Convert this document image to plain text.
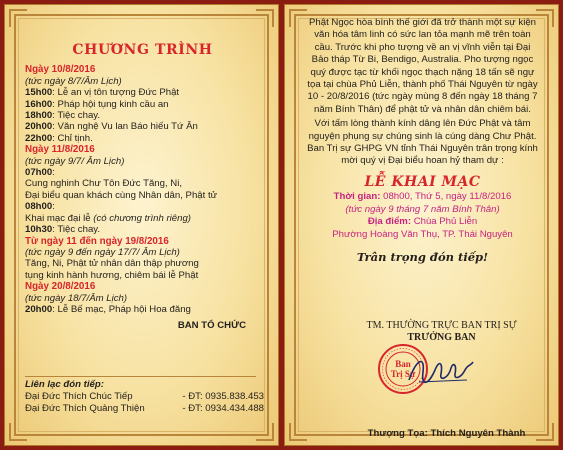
CHƯƠNG TRÌNH
Ngày 10/8/2016
(tức ngày 8/7/Âm Lịch)
15h00: Lễ an vị tôn tượng Đức Phật
16h00: Pháp hội tụng kinh cầu an
18h00: Tiệc chay.
20h00: Văn nghệ Vu lan Báo hiếu Tứ Ân
22h00: Chỉ tịnh.
Ngày 11/8/2016
(tức ngày 9/7/ Âm Lịch)
07h00:
Cung nghinh Chư Tôn Đức Tăng, Ni,
Đại biểu quan khách cùng Nhân dân, Phật tử
08h00:
Khai mạc đại lễ (có chương trình riêng)
10h30: Tiệc chay.
Từ ngày 11 đến ngày 19/8/2016
(tức ngày 9 đến ngày 17/7/ Âm Lịch)
Tăng, Ni, Phật tử nhân dân thập phương
tụng kinh hành hương, chiêm bái lễ Phật
Ngày 20/8/2016
(tức ngày 18/7/Âm Lịch)
20h00: Lễ Bế mạc, Pháp hội Hoa đăng
BAN TỔ CHỨC
Liên lạc đón tiếp:
Đại Đức Thích Chúc Tiếp	- ĐT: 0935.838.453
Đại Đức Thích Quảng Thiện	- ĐT: 0934.434.488

Phật Ngọc hòa bình thế giới đã trở thành một sự kiện văn hóa tâm linh có sức lan tỏa mạnh mẽ trên toàn cầu. Trước khi pho tượng về an vị vĩnh viễn tại Đại Bảo tháp Từ Bi, Bendigo, Australia. Pho tượng ngọc quý được tạc từ khối ngọc thạch nặng 18 tấn sẽ ngự tọa tại chùa Phủ Liễn, thành phố Thái Nguyên từ ngày 10 - 20/8/2016 (tức ngày mùng 8 đến ngày 18 tháng 7 năm Bính Thân) để phật tử và nhân dân chiêm bái.

Với tấm lòng thành kính dâng lên Đức Phật và tâm nguyện phụng sự chúng sinh là cúng dàng Chư Phật. Ban Trị sự GHPG VN tỉnh Thái Nguyên trân trọng kính mời quý vị Đại biểu hoan hỷ tham dự :

LỄ KHAI MẠC
Thời gian: 08h00, Thứ 5, ngày 11/8/2016
(tức ngày 9 tháng 7 năm Bính Thân)
Địa điểm: Chùa Phủ Liễn
Phường Hoàng Văn Thụ, TP. Thái Nguyên
Trân trọng đón tiếp!
TM. THƯỜNG TRỰC BAN TRỊ SỰ
TRƯỞNG BAN
Ban
Trị Sự
Thượng Tọa: Thích Nguyên Thành
